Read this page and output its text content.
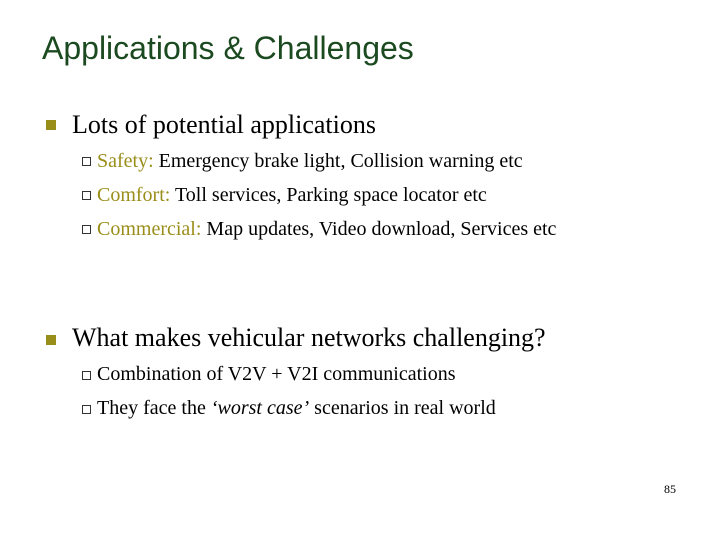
Applications & Challenges
Lots of potential applications
Safety: Emergency brake light, Collision warning etc
Comfort: Toll services, Parking space locator etc
Commercial: Map updates, Video download, Services etc
What makes vehicular networks challenging?
Combination of V2V + V2I communications
They face the ‘worst case’ scenarios in real world
85
